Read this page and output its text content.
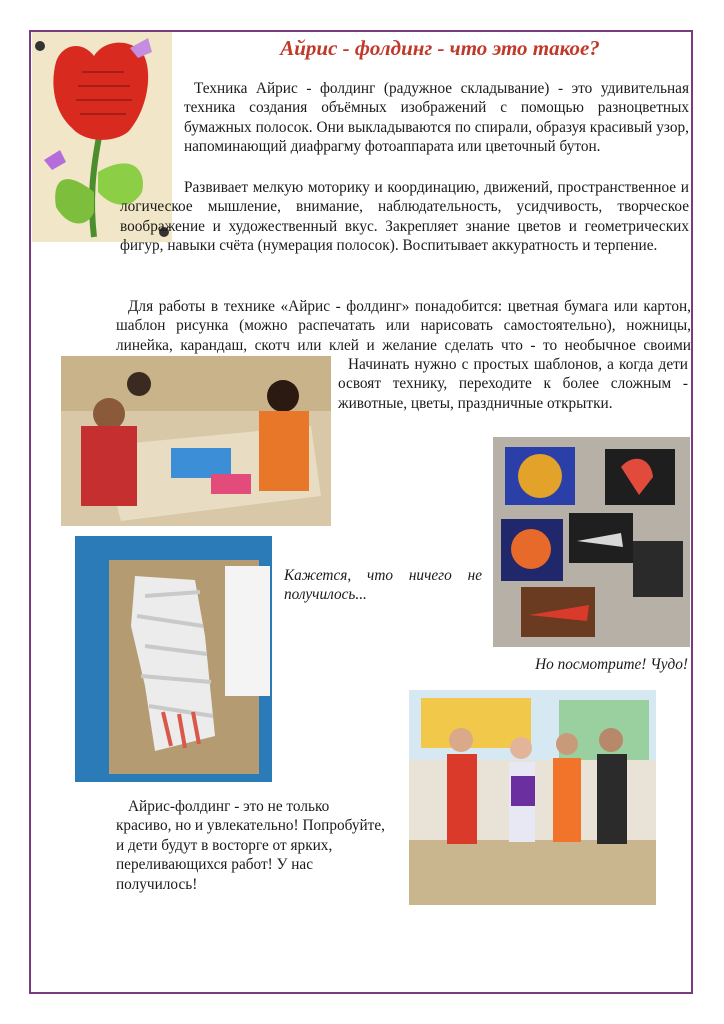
Айрис - фолдинг - что это такое?

Техника Айрис - фолдинг (радужное складывание) - это удивительная техника создания объёмных изображений с помощью разноцветных бумажных полосок. Они выкладываются по спирали, образуя красивый узор, напоминающий диафрагму фотоаппарата или цветочный бутон.

Развивает мелкую моторику и координацию, движений, пространственное и логическое мышление, внимание, наблюдательность, усидчивость, творческое воображение и художественный вкус. Закрепляет знание цветов и геометрических фигур, навыки счёта (нумерация полосок). Воспитывает аккуратность и терпение.

Для работы в технике «Айрис - фолдинг» понадобится: цветная бумага или картон, шаблон рисунка (можно распечатать или нарисовать самостоятельно), ножницы, линейка, карандаш, скотч или клей и желание сделать что - то необычное своими

Начинать нужно с простых шаблонов, а когда дети освоят технику, переходите к более сложным - животные, цветы, праздничные открытки.

Кажется, что ничего не получилось...

Но посмотрите! Чудо!

Айрис-фолдинг - это не только красиво, но и увлекательно! Попробуйте, и дети будут в восторге от ярких, переливающихся работ! У нас получилось!
